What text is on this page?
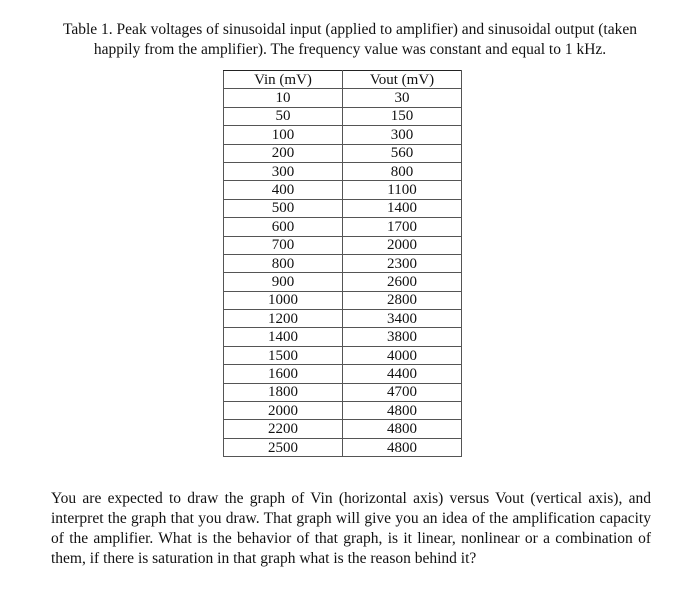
Table 1. Peak voltages of sinusoidal input (applied to amplifier) and sinusoidal output (taken happily from the amplifier). The frequency value was constant and equal to 1 kHz.
Vin (mV)	Vout (mV)
10	30
50	150
100	300
200	560
300	800
400	1100
500	1400
600	1700
700	2000
800	2300
900	2600
1000	2800
1200	3400
1400	3800
1500	4000
1600	4400
1800	4700
2000	4800
2200	4800
2500	4800
You are expected to draw the graph of Vin (horizontal axis) versus Vout (vertical axis), and interpret the graph that you draw. That graph will give you an idea of the amplification capacity of the amplifier. What is the behavior of that graph, is it linear, nonlinear or a combination of them, if there is saturation in that graph what is the reason behind it?
